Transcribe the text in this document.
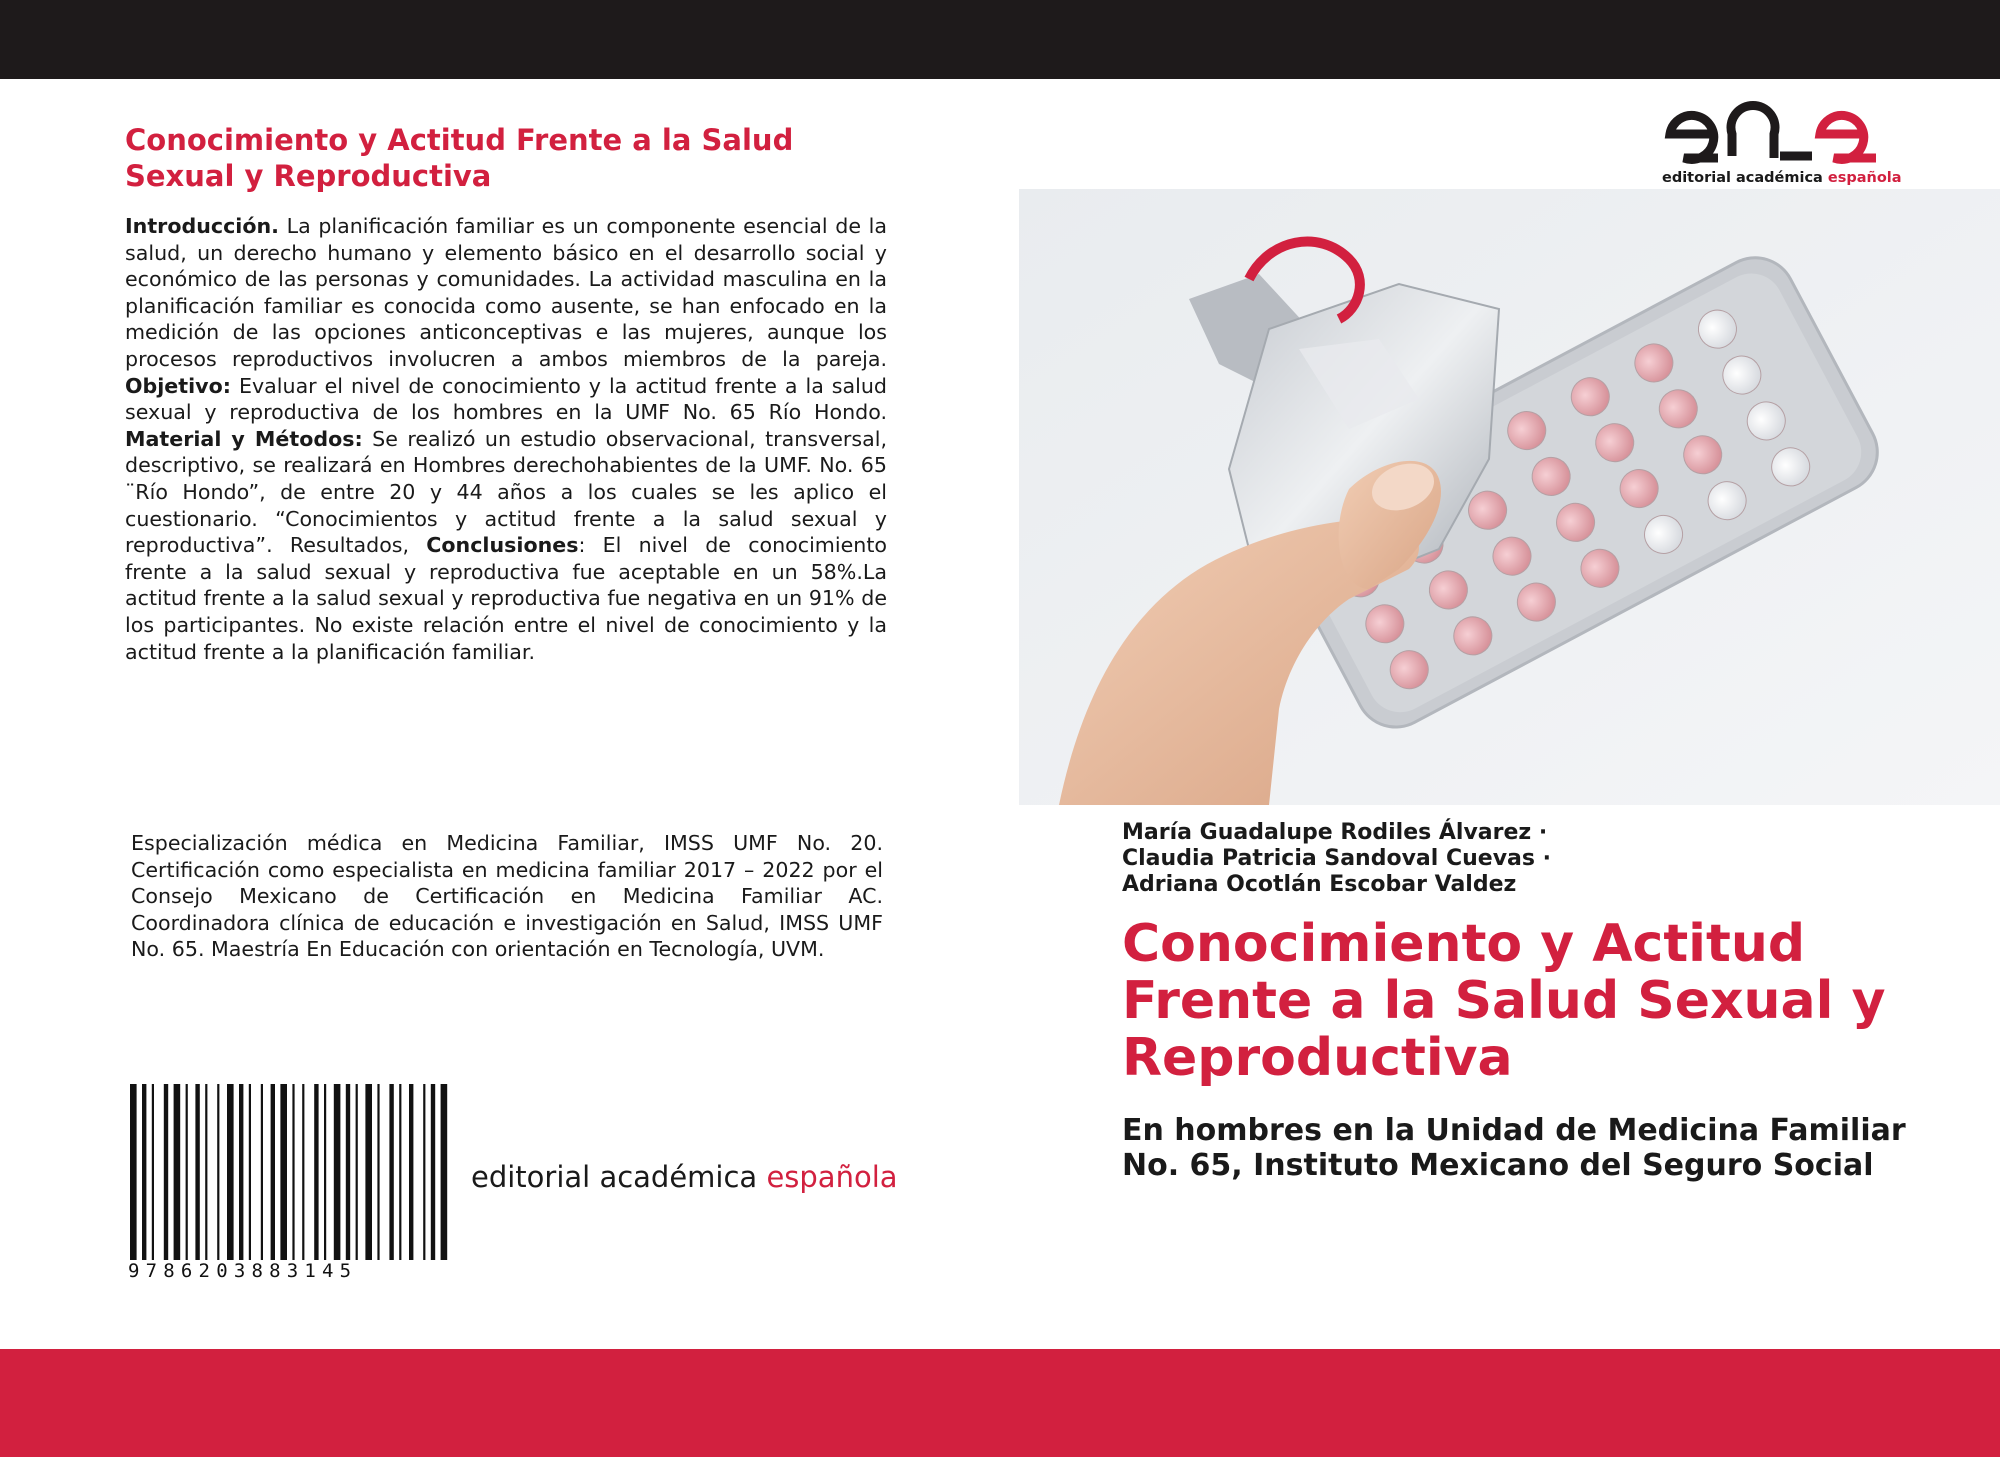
Conocimiento y Actitud Frente a la Salud Sexual y Reproductiva

Introducción. La planificación familiar es un componente esencial de la salud, un derecho humano y elemento básico en el desarrollo social y económico de las personas y comunidades. La actividad masculina en la planificación familiar es conocida como ausente, se han enfocado en la medición de las opciones anticonceptivas e las mujeres, aunque los procesos reproductivos involucren a ambos miembros de la pareja. Objetivo: Evaluar el nivel de conocimiento y la actitud frente a la salud sexual y reproductiva de los hombres en la UMF No. 65 Río Hondo. Material y Métodos: Se realizó un estudio observacional, transversal, descriptivo, se realizará en Hombres derechohabientes de la UMF. No. 65 ¨Río Hondo”, de entre 20 y 44 años a los cuales se les aplico el cuestionario. “Conocimientos y actitud frente a la salud sexual y reproductiva”. Resultados, Conclusiones: El nivel de conocimiento frente a la salud sexual y reproductiva fue aceptable en un 58%.La actitud frente a la salud sexual y reproductiva fue negativa en un 91% de los participantes. No existe relación entre el nivel de conocimiento y la actitud frente a la planificación familiar.

Especialización médica en Medicina Familiar, IMSS UMF No. 20. Certificación como especialista en medicina familiar 2017 – 2022 por el Consejo Mexicano de Certificación en Medicina Familiar AC. Coordinadora clínica de educación e investigación en Salud, IMSS UMF No. 65. Maestría En Educación con orientación en Tecnología, UVM.

9786203883145
editorial académica española
editorial académica española
María Guadalupe Rodiles Álvarez ·
Claudia Patricia Sandoval Cuevas ·
Adriana Ocotlán Escobar Valdez
Conocimiento y Actitud Frente a la Salud Sexual y Reproductiva

En hombres en la Unidad de Medicina Familiar No. 65, Instituto Mexicano del Seguro Social
